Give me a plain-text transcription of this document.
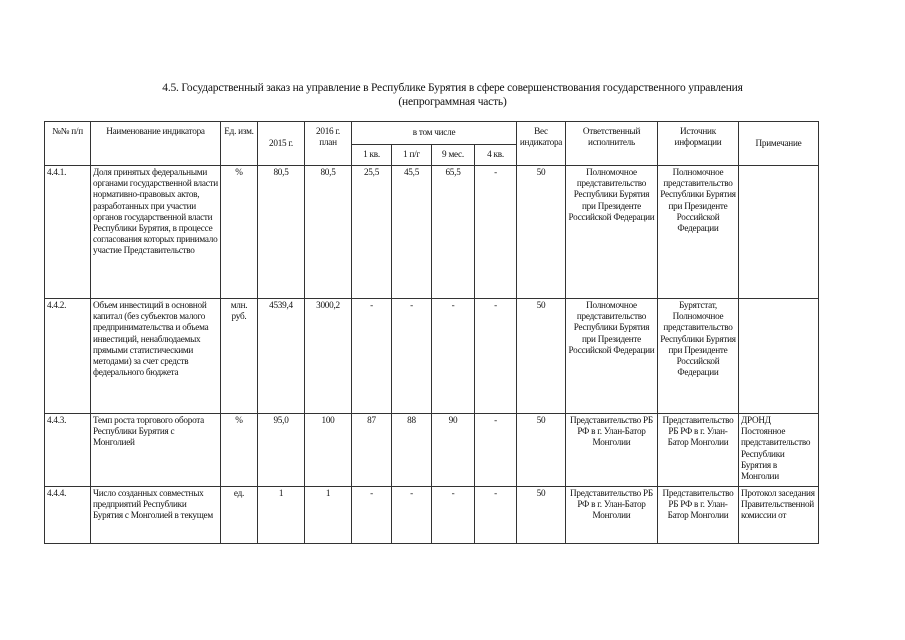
4.5. Государственный заказ на управление в Республике Бурятия в сфере совершенствования государственного управления
(непрограммная часть)
№№ п/п	Наименование индикатора	Ед. изм.	2015 г.	2016 г. план	в том числе				Вес индикатора	Ответственный исполнитель	Источник информации	Примечание
					1 кв.	1 п/г	9 мес.	4 кв.				
4.4.1.	Доля принятых федеральными органами государственной власти нормативно-правовых актов, разработанных при участии органов государственной власти Республики Бурятия, в процессе согласования которых принимало участие Представительство	%	80,5	80,5	25,5	45,5	65,5	-	50	Полномочное представительство Республики Бурятия при Президенте Российской Федерации	Полномочное представительство Республики Бурятия при Президенте Российской Федерации	
4.4.2.	Объем инвестиций в основной капитал (без субъектов малого предпринимательства и объема инвестиций, ненаблюдаемых прямыми статистическими методами) за счет средств федерального бюджета	млн. руб.	4539,4	3000,2	-	-	-	-	50	Полномочное представительство Республики Бурятия при Президенте Российской Федерации	Бурятстат, Полномочное представительство Республики Бурятия при Президенте Российской Федерации	
4.4.3.	Темп роста торгового оборота Республики Бурятия с Монголией	%	95,0	100	87	88	90	-	50	Представительство РБ РФ в г. Улан-Батор Монголии	Представительство РБ РФ в г. Улан-Батор Монголии	ДРОНД Постоянное представительство Республики Бурятия в Монголии
4.4.4.	Число созданных совместных предприятий Республики Бурятия с Монголией в текущем	ед.	1	1	-	-	-	-	50	Представительство РБ РФ в г. Улан-Батор Монголии	Представительство РБ РФ в г. Улан-Батор Монголии	Протокол заседания Правительственной комиссии от
